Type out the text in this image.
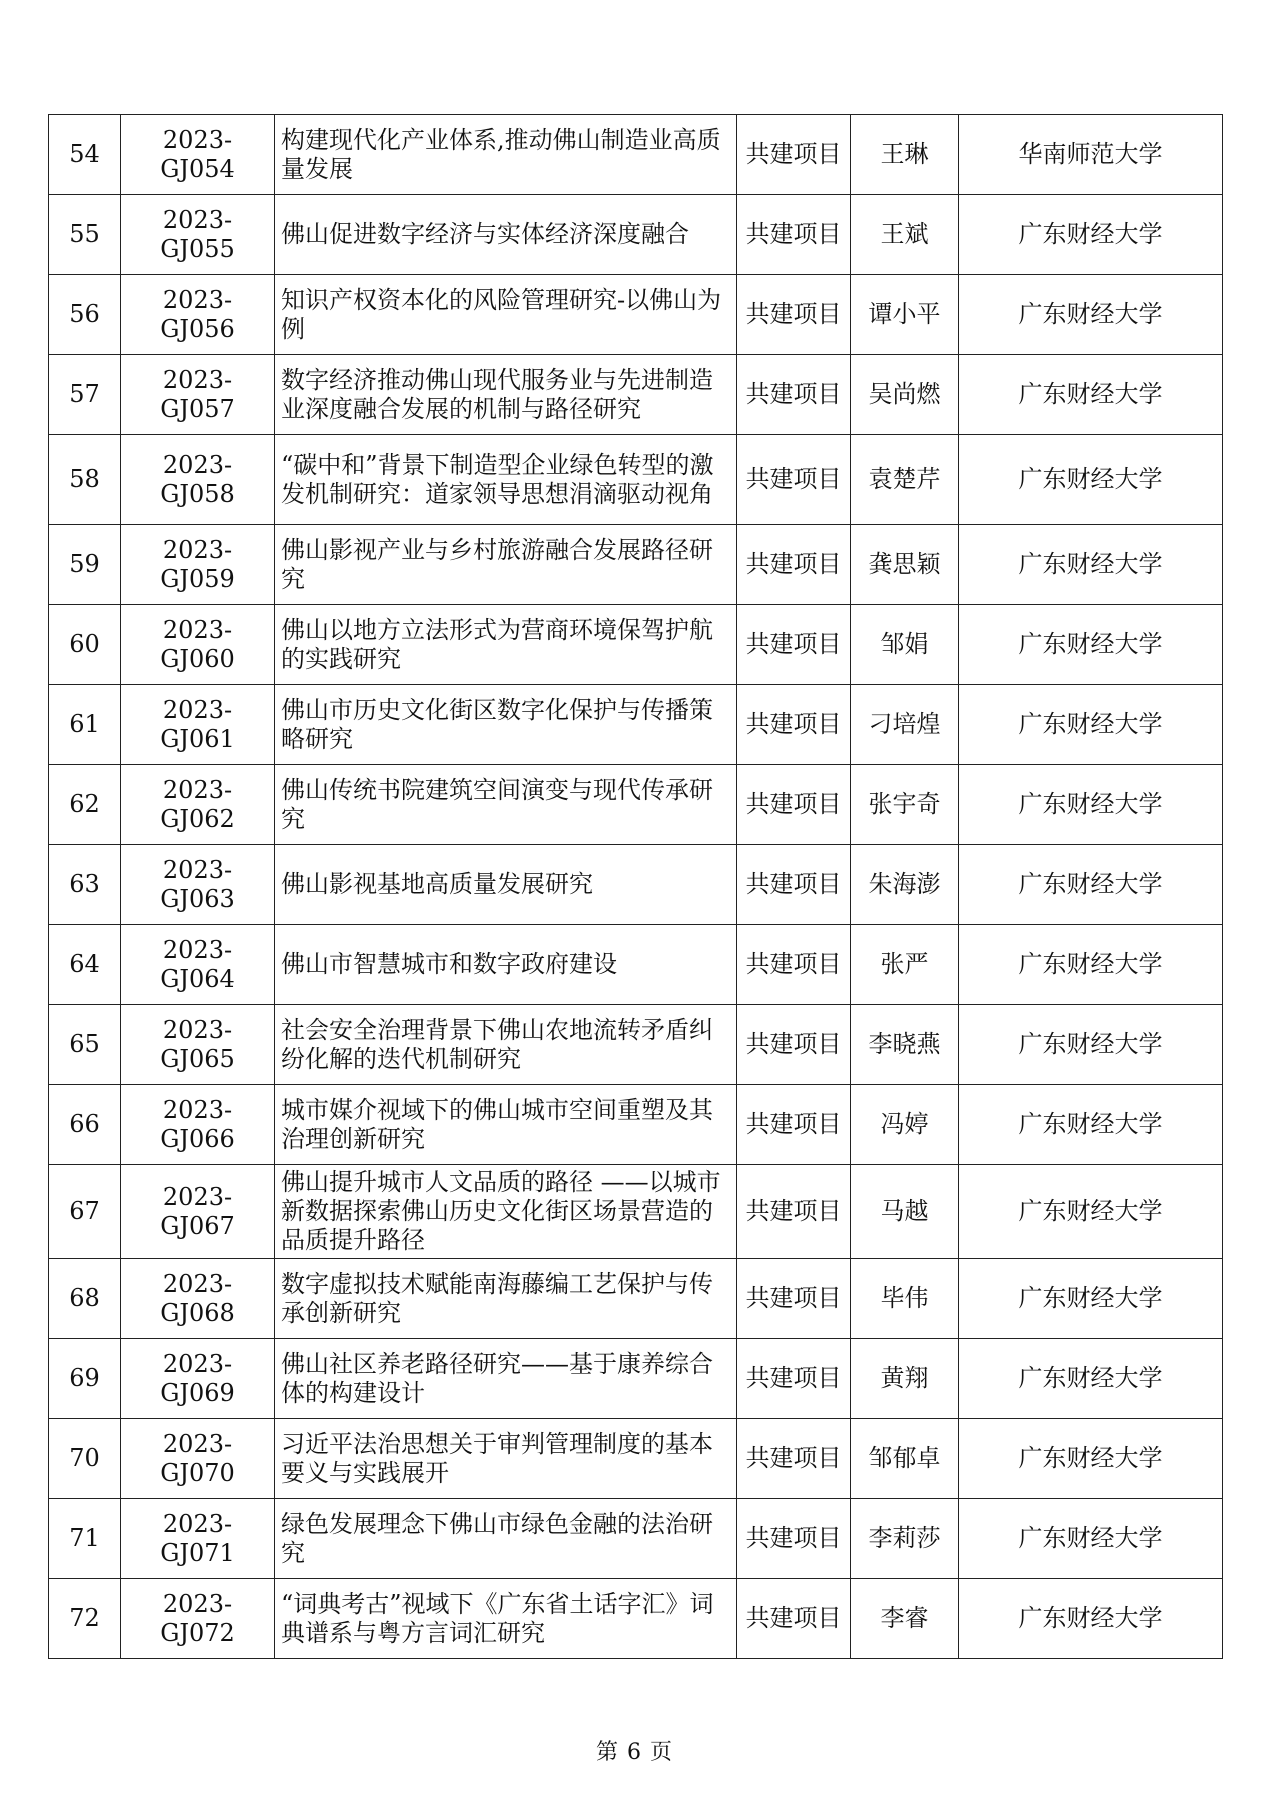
54	2023-GJ054	构建现代化产业体系,推动佛山制造业高质量发展	共建项目	王琳	华南师范大学
55	2023-GJ055	佛山促进数字经济与实体经济深度融合	共建项目	王斌	广东财经大学
56	2023-GJ056	知识产权资本化的风险管理研究-以佛山为例	共建项目	谭小平	广东财经大学
57	2023-GJ057	数字经济推动佛山现代服务业与先进制造业深度融合发展的机制与路径研究	共建项目	吴尚燃	广东财经大学
58	2023-GJ058	“碳中和”背景下制造型企业绿色转型的激发机制研究：道家领导思想涓滴驱动视角	共建项目	袁楚芹	广东财经大学
59	2023-GJ059	佛山影视产业与乡村旅游融合发展路径研究	共建项目	龚思颖	广东财经大学
60	2023-GJ060	佛山以地方立法形式为营商环境保驾护航的实践研究	共建项目	邹娟	广东财经大学
61	2023-GJ061	佛山市历史文化街区数字化保护与传播策略研究	共建项目	刁培煌	广东财经大学
62	2023-GJ062	佛山传统书院建筑空间演变与现代传承研究	共建项目	张宇奇	广东财经大学
63	2023-GJ063	佛山影视基地高质量发展研究	共建项目	朱海澎	广东财经大学
64	2023-GJ064	佛山市智慧城市和数字政府建设	共建项目	张严	广东财经大学
65	2023-GJ065	社会安全治理背景下佛山农地流转矛盾纠纷化解的迭代机制研究	共建项目	李晓燕	广东财经大学
66	2023-GJ066	城市媒介视域下的佛山城市空间重塑及其治理创新研究	共建项目	冯婷	广东财经大学
67	2023-GJ067	佛山提升城市人文品质的路径 ——以城市新数据探索佛山历史文化街区场景营造的品质提升路径	共建项目	马越	广东财经大学
68	2023-GJ068	数字虚拟技术赋能南海藤编工艺保护与传承创新研究	共建项目	毕伟	广东财经大学
69	2023-GJ069	佛山社区养老路径研究——基于康养综合体的构建设计	共建项目	黄翔	广东财经大学
70	2023-GJ070	习近平法治思想关于审判管理制度的基本要义与实践展开	共建项目	邹郁卓	广东财经大学
71	2023-GJ071	绿色发展理念下佛山市绿色金融的法治研究	共建项目	李莉莎	广东财经大学
72	2023-GJ072	“词典考古”视域下《广东省土话字汇》词典谱系与粤方言词汇研究	共建项目	李睿	广东财经大学
第 6 页
